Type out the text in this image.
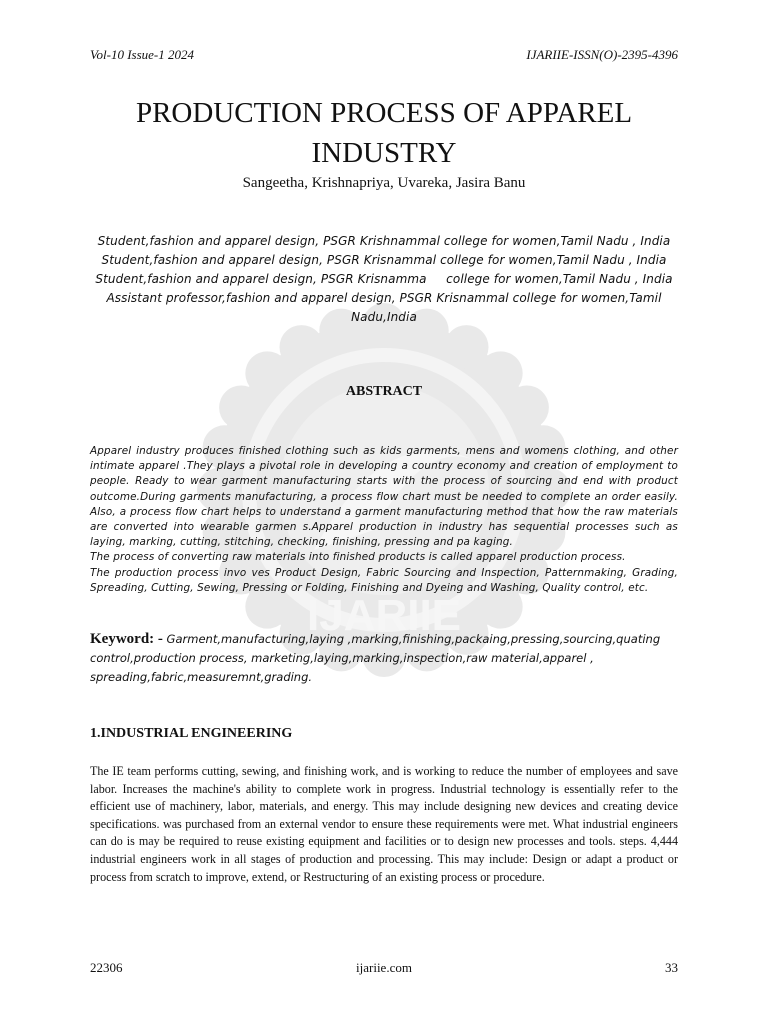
IJARIIE
Vol-10 Issue-1 2024	IJARIIE-ISSN(O)-2395-4396
PRODUCTION PROCESS OF APPAREL
INDUSTRY
Sangeetha, Krishnapriya, Uvareka, Jasira Banu
Student,fashion and apparel design, PSGR Krishnammal college for women,Tamil Nadu , India
Student,fashion and apparel design, PSGR Krisnammal college for women,Tamil Nadu , India
Student,fashion and apparel design, PSGR Krisnamma     college for women,Tamil Nadu , India
Assistant professor,fashion and apparel design, PSGR Krisnammal college for women,Tamil Nadu,India
ABSTRACT

Apparel industry produces finished clothing such as kids garments, mens and womens clothing, and other intimate apparel .They plays a pivotal role in developing a country economy and creation of employment to people. Ready to wear garment manufacturing starts with the process of sourcing and end with product outcome.During garments manufacturing, a process flow chart must be needed to complete an order easily. Also, a process flow chart helps to understand a garment manufacturing method that how the raw materials are converted into wearable garmen s.Apparel production in industry has sequential processes such as laying, marking, cutting, stitching, checking, finishing, pressing and pa kaging.

The process of converting raw materials into finished products is called apparel production process.

The production process invo ves Product Design, Fabric Sourcing and Inspection, Patternmaking, Grading, Spreading, Cutting, Sewing, Pressing or Folding, Finishing and Dyeing and Washing, Quality control, etc.

Keyword: - Garment,manufacturing,laying ,marking,finishing,packaing,pressing,sourcing,quating control,production process, marketing,laying,marking,inspection,raw material,apparel , spreading,fabric,measuremnt,grading.
1.INDUSTRIAL ENGINEERING
The IE team performs cutting, sewing, and finishing work, and is working to reduce the number of employees and save labor. Increases the machine's ability to complete work in progress. Industrial technology is essentially refer to the efficient use of machinery, labor, materials, and energy. This may include designing new devices and creating device specifications. was purchased from an external vendor to ensure these requirements were met. What industrial engineers can do is may be required to reuse existing equipment and facilities or to design new processes and tools. steps. 4,444 industrial engineers work in all stages of production and processing. This may include: Design or adapt a product or process from scratch to improve, extend, or Restructuring of an existing process or procedure.
22306	ijariie.com	33
